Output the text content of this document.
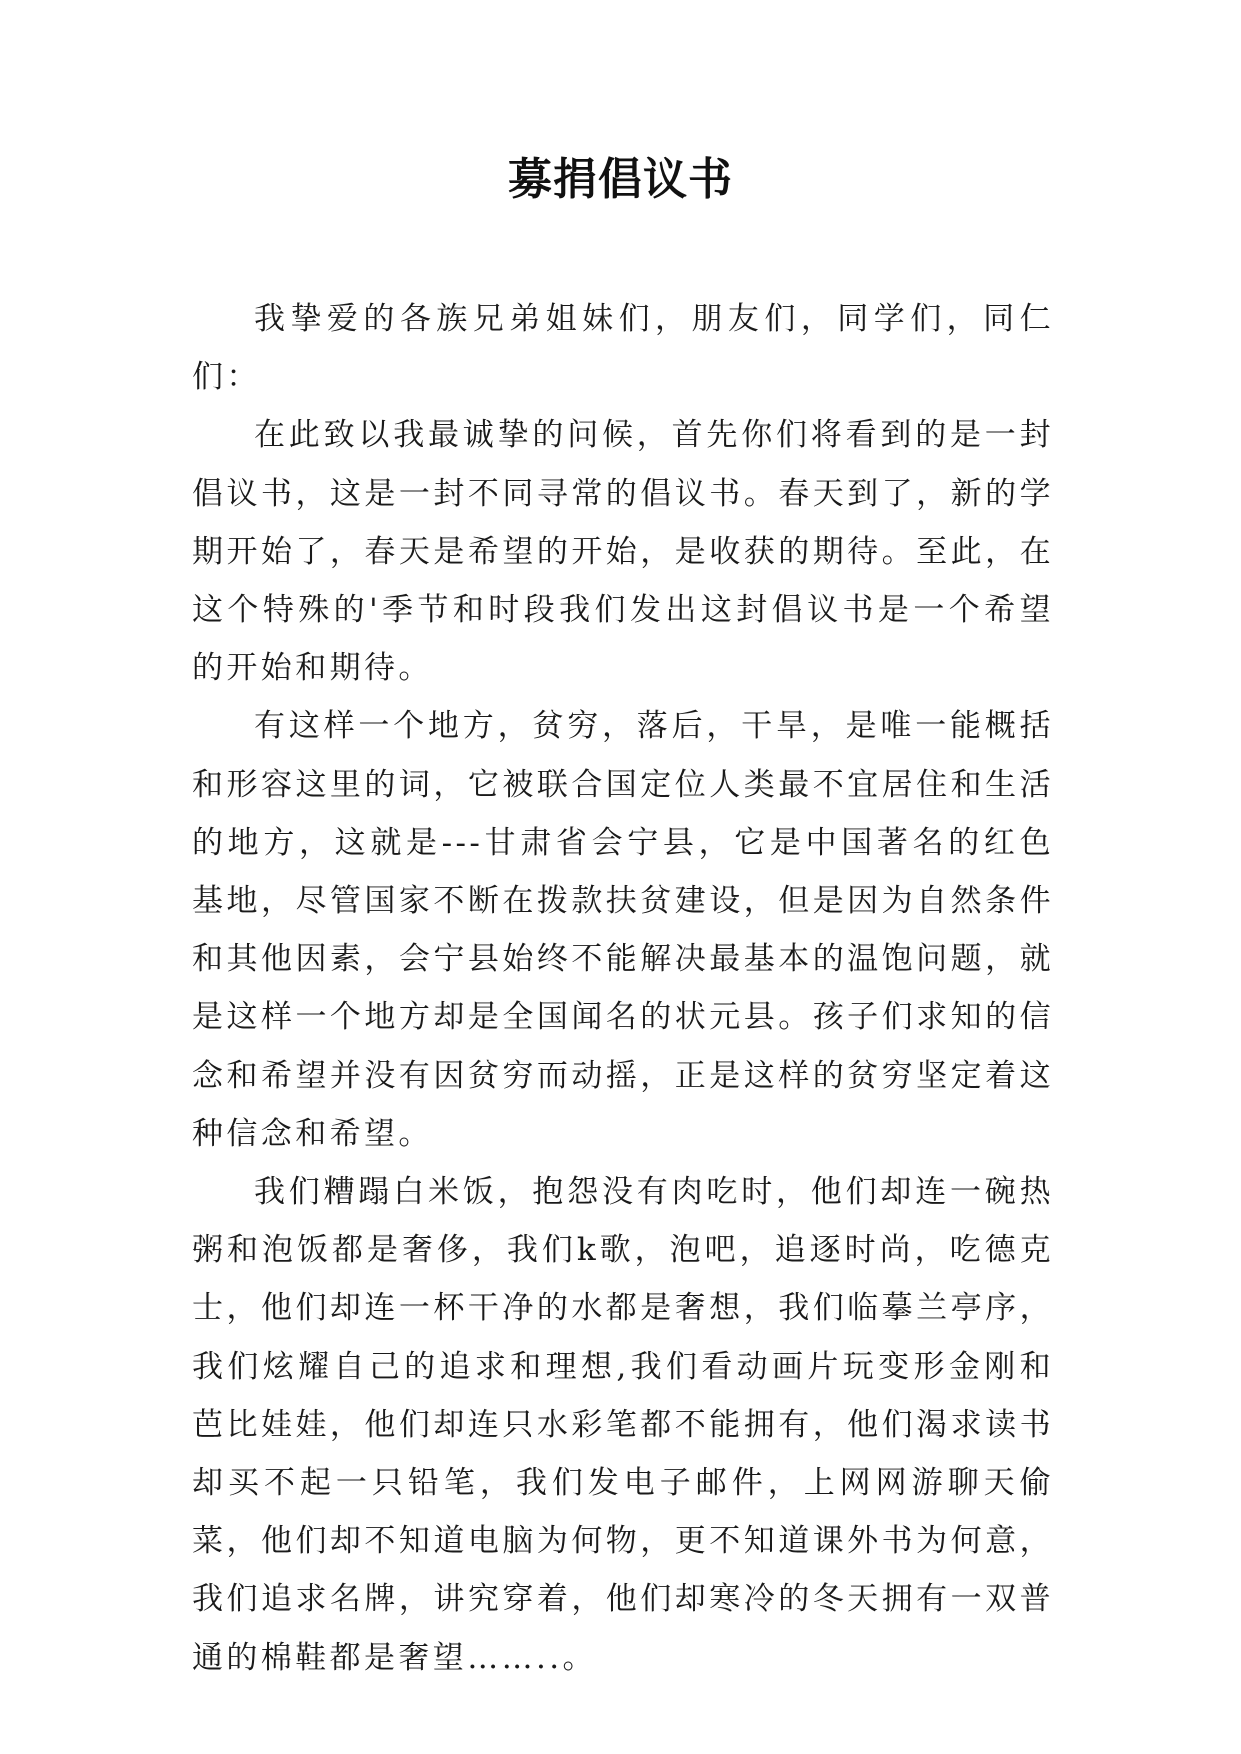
募捐倡议书

我挚爱的各族兄弟姐妹们，朋友们，同学们，同仁们：

在此致以我最诚挚的问候，首先你们将看到的是一封倡议书，这是一封不同寻常的倡议书。春天到了，新的学期开始了，春天是希望的开始，是收获的期待。至此，在这个特殊的'季节和时段我们发出这封倡议书是一个希望的开始和期待。

有这样一个地方，贫穷，落后，干旱，是唯一能概括和形容这里的词，它被联合国定位人类最不宜居住和生活的地方，这就是---甘肃省会宁县，它是中国著名的红色基地，尽管国家不断在拨款扶贫建设，但是因为自然条件和其他因素，会宁县始终不能解决最基本的温饱问题，就是这样一个地方却是全国闻名的状元县。孩子们求知的信念和希望并没有因贫穷而动摇，正是这样的贫穷坚定着这种信念和希望。

我们糟蹋白米饭，抱怨没有肉吃时，他们却连一碗热粥和泡饭都是奢侈，我们k歌，泡吧，追逐时尚，吃德克士，他们却连一杯干净的水都是奢想，我们临摹兰亭序，我们炫耀自己的追求和理想,我们看动画片玩变形金刚和芭比娃娃，他们却连只水彩笔都不能拥有，他们渴求读书却买不起一只铅笔，我们发电子邮件，上网网游聊天偷菜，他们却不知道电脑为何物，更不知道课外书为何意，我们追求名牌，讲究穿着，他们却寒冷的冬天拥有一双普通的棉鞋都是奢望……..。
